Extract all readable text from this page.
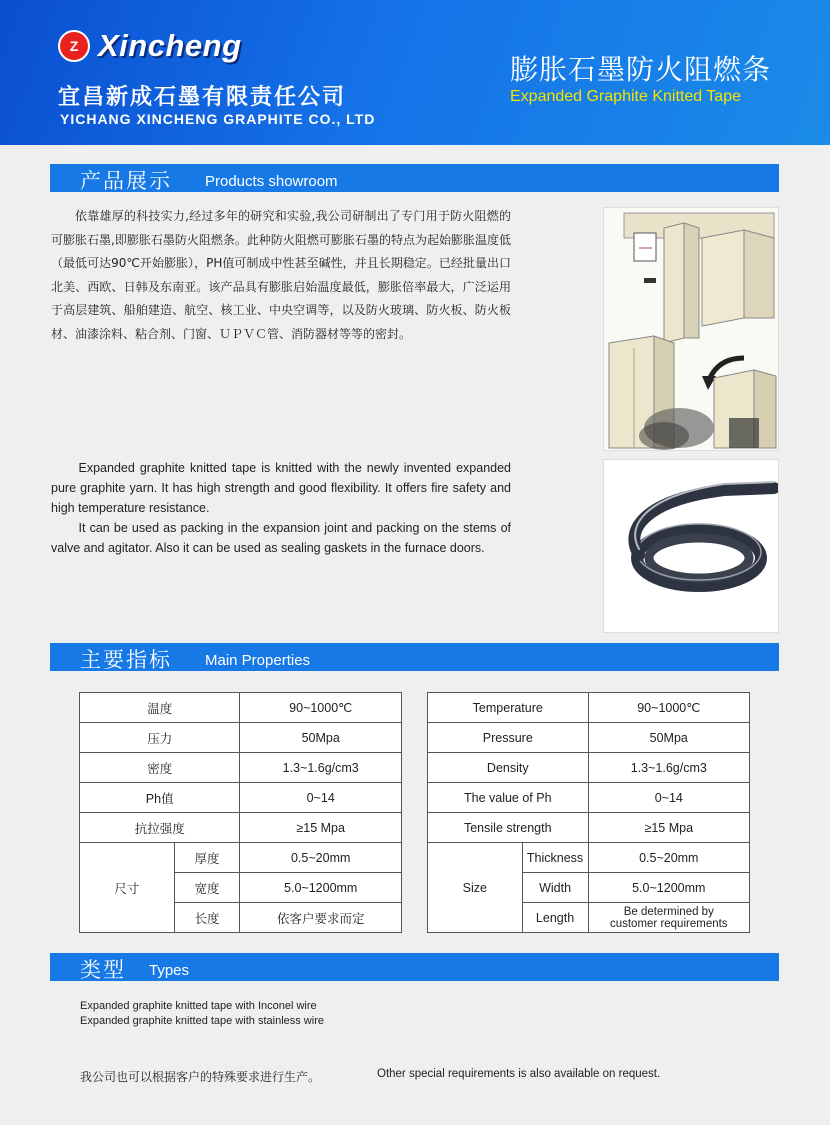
Z Xincheng
宜昌新成石墨有限责任公司
YICHANG XINCHENG GRAPHITE CO., LTD
膨胀石墨防火阻燃条
Expanded Graphite Knitted Tape
产品展示 Products showroom
依靠雄厚的科技实力,经过多年的研究和实验,我公司研制出了专门用于防火阻燃的可膨胀石墨,即膨胀石墨防火阻燃条。此种防火阻燃可膨胀石墨的特点为起始膨胀温度低（最低可达90℃开始膨胀），PH值可制成中性甚至碱性，并且长期稳定。已经批量出口北美、西欧、日韩及东南亚。该产品具有膨胀启始温度最低，膨胀倍率最大，广泛运用于高层建筑、船舶建造、航空、核工业、中央空调等，以及防火玻璃、防火板、防火板材、油漆涂料、粘合剂、门窗、ＵＰＶＣ管、消防器材等等的密封。

Expanded graphite knitted tape is knitted with the newly invented expanded pure graphite yarn. It has high strength and good flexibility. It offers fire safety and high temperature resistance.

It can be used as packing in the expansion joint and packing on the stems of valve and agitator. Also it can be used as sealing gaskets in the furnace doors.

主要指标 Main Properties
温度		90~1000℃
压力		50Mpa
密度		1.3~1.6g/cm3
Ph值		0~14
抗拉强度		≥15 Mpa
尺寸	厚度	0.5~20mm
	宽度	5.0~1200mm
	长度	依客户要求而定
Temperature		90~1000℃
Pressure		50Mpa
Density		1.3~1.6g/cm3
The value of Ph		0~14
Tensile strength		≥15 Mpa
Size	Thickness	0.5~20mm
	Width	5.0~1200mm
	Length	Be determined by
customer requirements
类型 Types
Expanded graphite knitted tape with Inconel wire
Expanded graphite knitted tape with stainless wire
我公司也可以根据客户的特殊要求进行生产。	Other special requirements is also available on request.
